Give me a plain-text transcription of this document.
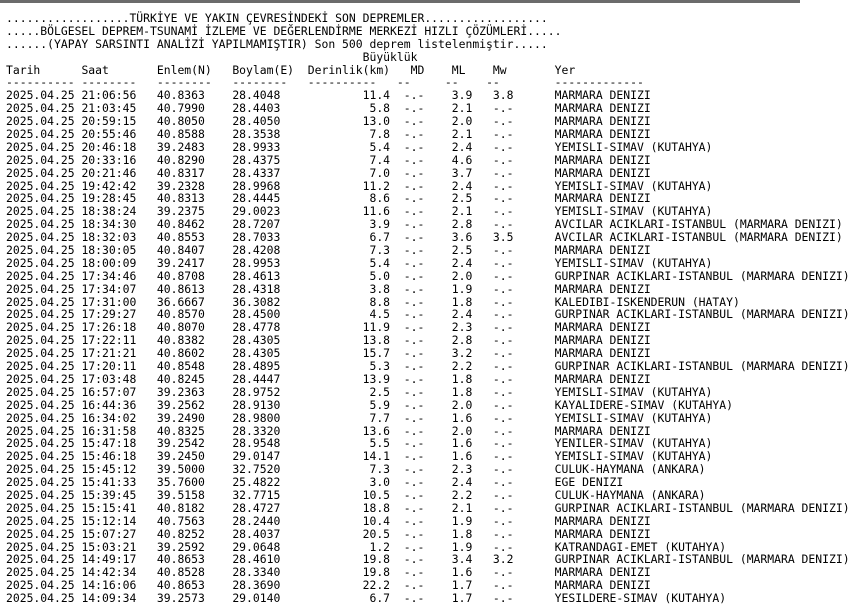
..................TÜRKİYE VE YAKIN ÇEVRESİNDEKİ SON DEPREMLER..................
.....BÖLGESEL DEPREM-TSUNAMİ İZLEME VE DEĞERLENDİRME MERKEZİ HIZLI ÇÖZÜMLERİ.....
......(YAPAY SARSINTI ANALİZİ YAPILMAMIŞTIR) Son 500 deprem listelenmiştir.....
Büyüklük
Tarih      Saat       Enlem(N)   Boylam(E)  Derinlik(km)   MD    ML    Mw	Yer
---------- --------   --------   --------   ----------   --     --    --	-------------
2025.04.25 21:06:56   40.8363    28.4048            11.4  -.-    3.9   3.8	MARMARA DENIZI
2025.04.25 21:03:45   40.7990    28.4403             5.8  -.-    2.1   -.-	MARMARA DENIZI
2025.04.25 20:59:15   40.8050    28.4050            13.0  -.-    2.0   -.-	MARMARA DENIZI
2025.04.25 20:55:46   40.8588    28.3538             7.8  -.-    2.1   -.-	MARMARA DENIZI
2025.04.25 20:46:18   39.2483    28.9933             5.4  -.-    2.4   -.-	YEMISLI-SIMAV (KUTAHYA)
2025.04.25 20:33:16   40.8290    28.4375             7.4  -.-    4.6   -.-	MARMARA DENIZI
2025.04.25 20:21:46   40.8317    28.4337             7.0  -.-    3.7   -.-	MARMARA DENIZI
2025.04.25 19:42:42   39.2328    28.9968            11.2  -.-    2.4   -.-	YEMISLI-SIMAV (KUTAHYA)
2025.04.25 19:28:45   40.8313    28.4445             8.6  -.-    2.5   -.-	MARMARA DENIZI
2025.04.25 18:38:24   39.2375    29.0023            11.6  -.-    2.1   -.-	YEMISLI-SIMAV (KUTAHYA)
2025.04.25 18:34:30   40.8462    28.7207             3.9  -.-    2.8   -.-	AVCILAR ACIKLARI-ISTANBUL (MARMARA DENIZI)
2025.04.25 18:32:03   40.8553    28.7033             6.7  -.-    3.6   3.5	AVCILAR ACIKLARI-ISTANBUL (MARMARA DENIZI)
2025.04.25 18:30:05   40.8407    28.4208             7.3  -.-    2.5   -.-	MARMARA DENIZI
2025.04.25 18:00:09   39.2417    28.9953             5.4  -.-    2.4   -.-	YEMISLI-SIMAV (KUTAHYA)
2025.04.25 17:34:46   40.8708    28.4613             5.0  -.-    2.0   -.-	GURPINAR ACIKLARI-ISTANBUL (MARMARA DENIZI)
2025.04.25 17:34:07   40.8613    28.4318             3.8  -.-    1.9   -.-	MARMARA DENIZI
2025.04.25 17:31:00   36.6667    36.3082             8.8  -.-    1.8   -.-	KALEDIBI-ISKENDERUN (HATAY)
2025.04.25 17:29:27   40.8570    28.4500             4.5  -.-    2.4   -.-	GURPINAR ACIKLARI-ISTANBUL (MARMARA DENIZI)
2025.04.25 17:26:18   40.8070    28.4778            11.9  -.-    2.3   -.-	MARMARA DENIZI
2025.04.25 17:22:11   40.8382    28.4305            13.8  -.-    2.8   -.-	MARMARA DENIZI
2025.04.25 17:21:21   40.8602    28.4305            15.7  -.-    3.2   -.-	MARMARA DENIZI
2025.04.25 17:20:11   40.8548    28.4895             5.3  -.-    2.2   -.-	GURPINAR ACIKLARI-ISTANBUL (MARMARA DENIZI)
2025.04.25 17:03:48   40.8245    28.4447            13.9  -.-    1.8   -.-	MARMARA DENIZI
2025.04.25 16:57:07   39.2363    28.9752             2.5  -.-    1.8   -.-	YEMISLI-SIMAV (KUTAHYA)
2025.04.25 16:44:36   39.2562    28.9130             5.9  -.-    2.0   -.-	KAYALIDERE-SIMAV (KUTAHYA)
2025.04.25 16:34:02   39.2490    28.9800             7.7  -.-    1.6   -.-	YEMISLI-SIMAV (KUTAHYA)
2025.04.25 16:31:58   40.8325    28.3320            13.6  -.-    2.0   -.-	MARMARA DENIZI
2025.04.25 15:47:18   39.2542    28.9548             5.5  -.-    1.6   -.-	YENILER-SIMAV (KUTAHYA)
2025.04.25 15:46:18   39.2450    29.0147            14.1  -.-    1.6   -.-	YEMISLI-SIMAV (KUTAHYA)
2025.04.25 15:45:12   39.5000    32.7520             7.3  -.-    2.3   -.-	CULUK-HAYMANA (ANKARA)
2025.04.25 15:41:33   35.7600    25.4822             3.0  -.-    2.4   -.-	EGE DENIZI
2025.04.25 15:39:45   39.5158    32.7715            10.5  -.-    2.2   -.-	CULUK-HAYMANA (ANKARA)
2025.04.25 15:15:41   40.8182    28.4727            18.8  -.-    2.1   -.-	GURPINAR ACIKLARI-ISTANBUL (MARMARA DENIZI)
2025.04.25 15:12:14   40.7563    28.2440            10.4  -.-    1.9   -.-	MARMARA DENIZI
2025.04.25 15:07:27   40.8252    28.4037            20.5  -.-    1.8   -.-	MARMARA DENIZI
2025.04.25 15:03:21   39.2592    29.0648             1.2  -.-    1.9   -.-	KATRANDAGI-EMET (KUTAHYA)
2025.04.25 14:49:17   40.8653    28.4610            19.8  -.-    3.4   3.2	GURPINAR ACIKLARI-ISTANBUL (MARMARA DENIZI)
2025.04.25 14:42:34   40.8528    28.3340            19.8  -.-    1.6   -.-	MARMARA DENIZI
2025.04.25 14:16:06   40.8653    28.3690            22.2  -.-    1.7   -.-	MARMARA DENIZI
2025.04.25 14:09:34   39.2573    29.0140             6.7  -.-    1.7   -.-	YESILDERE-SIMAV (KUTAHYA)
